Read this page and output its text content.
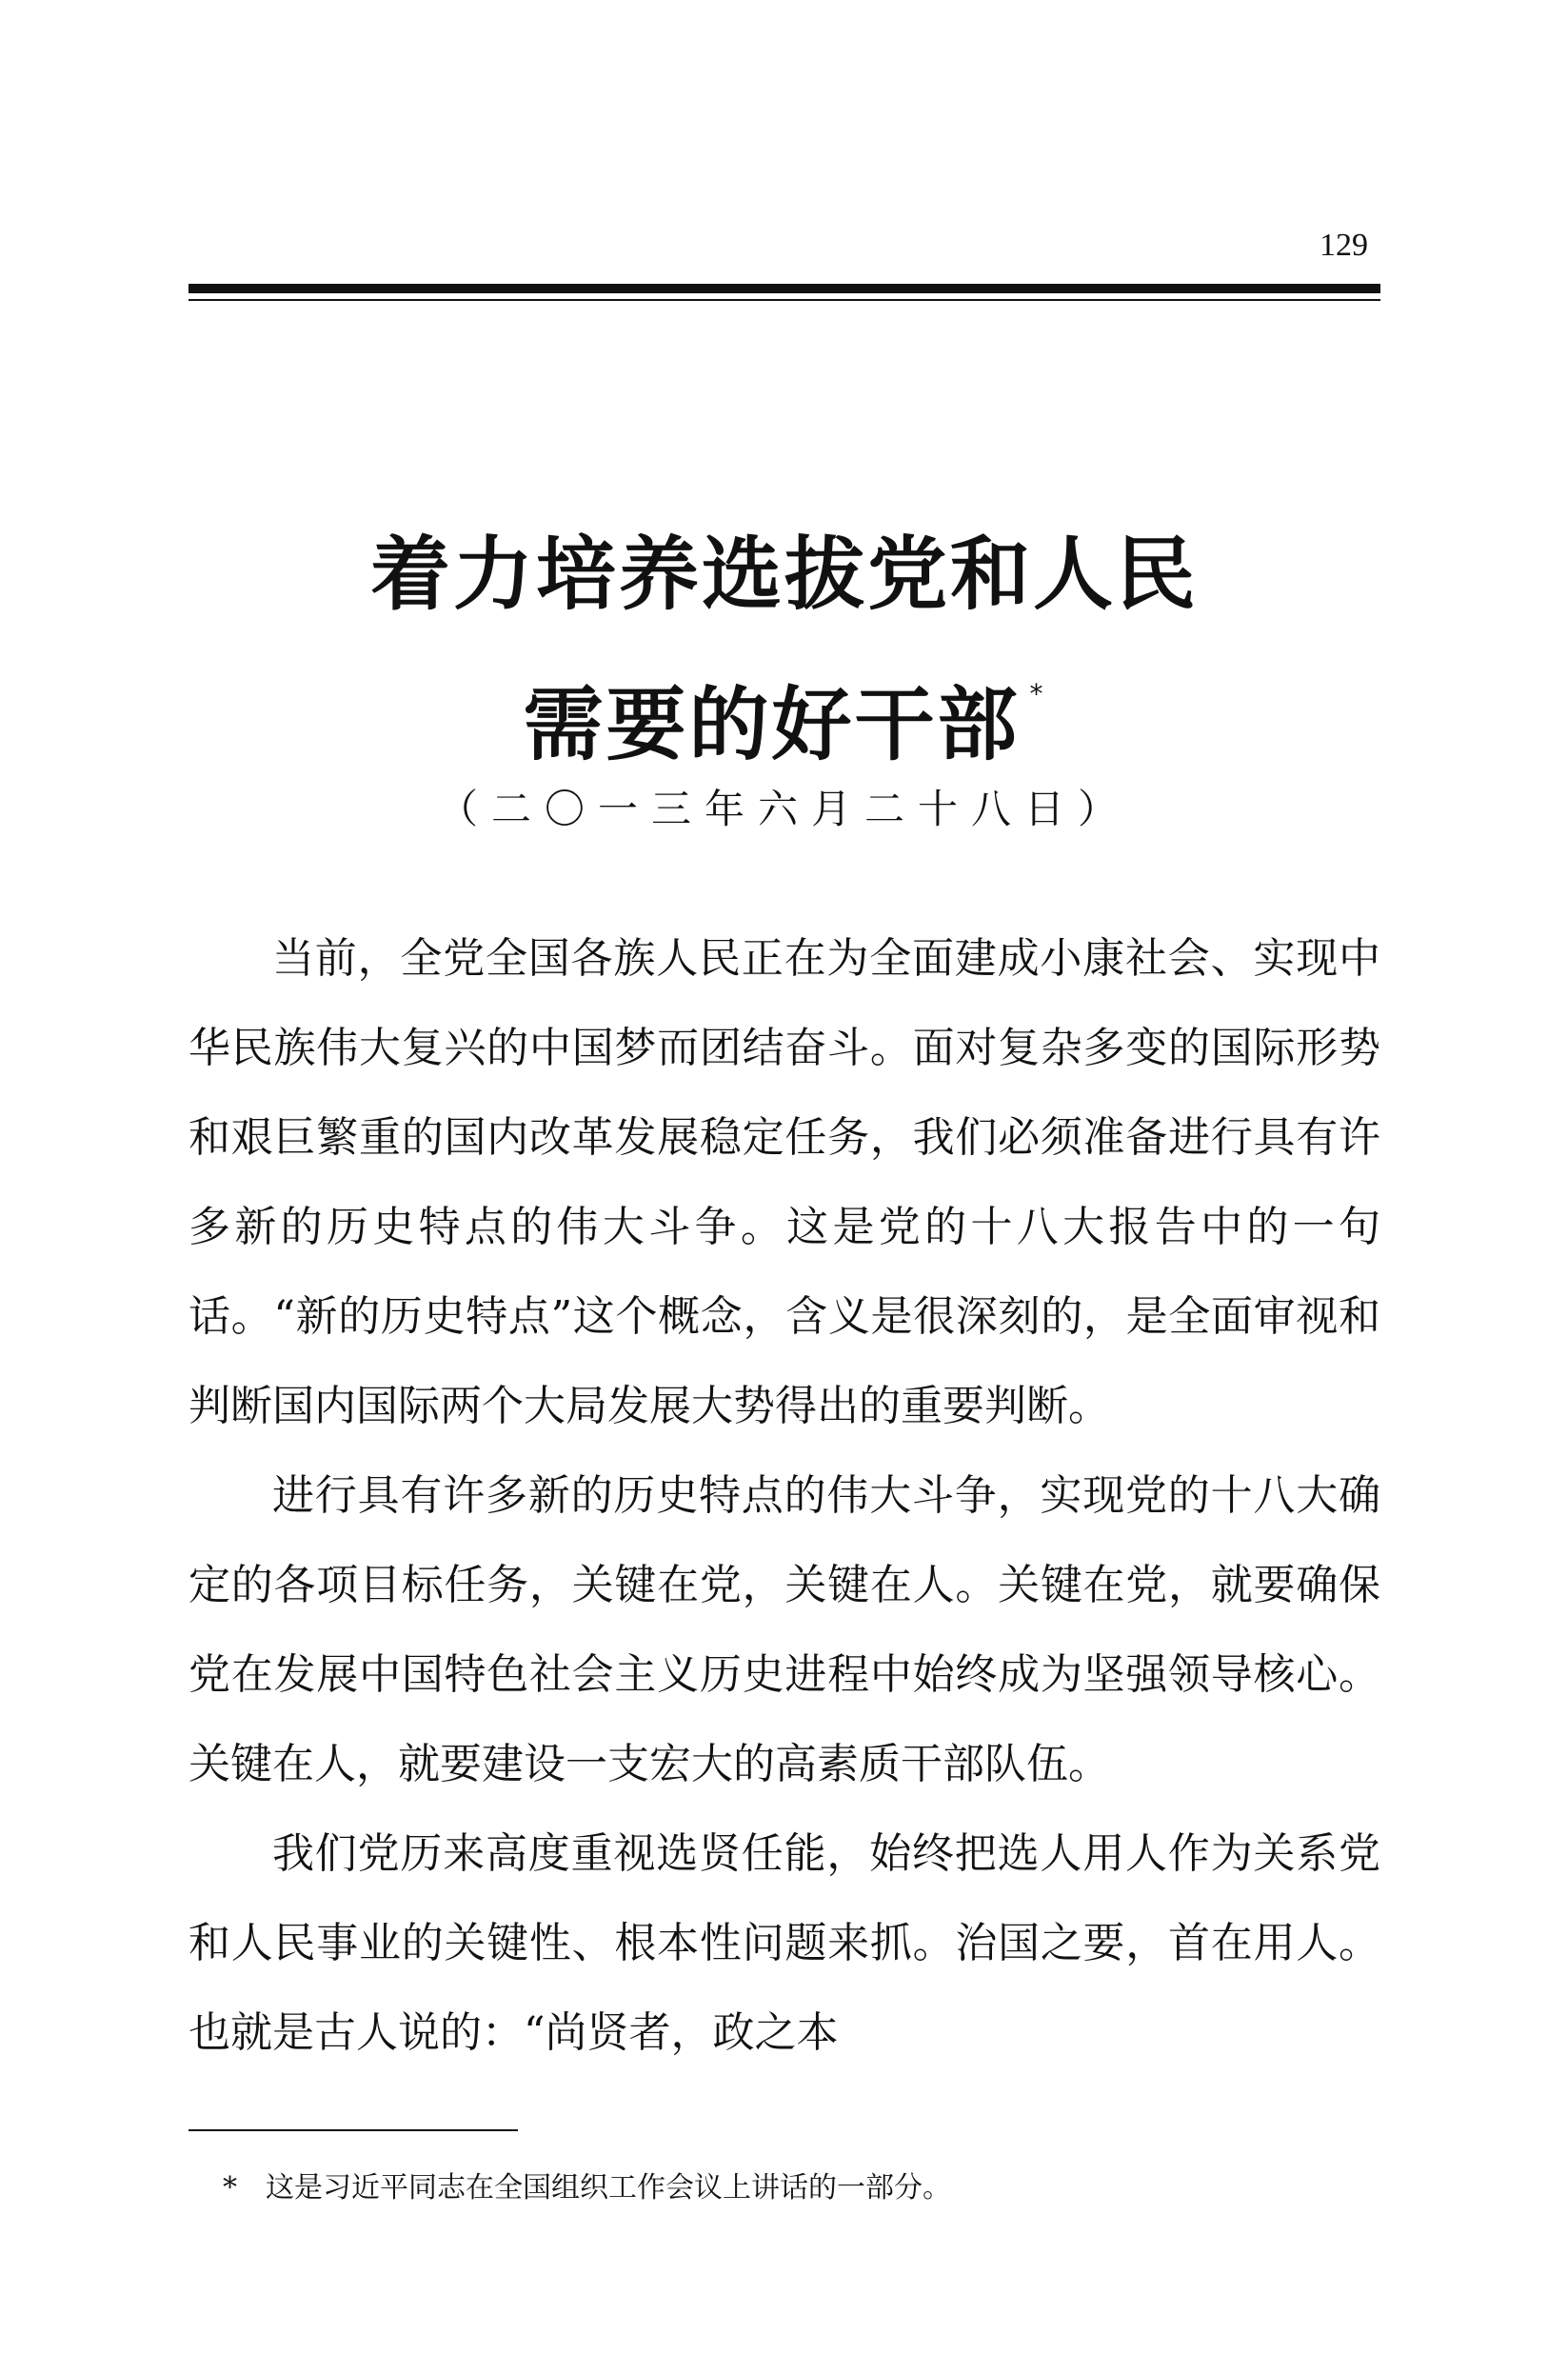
129
着力培养选拔党和人民
需要的好干部 *
（二〇一三年六月二十八日）

当前，全党全国各族人民正在为全面建成小康社会、实现中华民族伟大复兴的中国梦而团结奋斗。面对复杂多变的国际形势和艰巨繁重的国内改革发展稳定任务，我们必须准备进行具有许多新的历史特点的伟大斗争。这是党的十八大报告中的一句话。“新的历史特点”这个概念，含义是很深刻的，是全面审视和判断国内国际两个大局发展大势得出的重要判断。

进行具有许多新的历史特点的伟大斗争，实现党的十八大确定的各项目标任务，关键在党，关键在人。关键在党，就要确保党在发展中国特色社会主义历史进程中始终成为坚强领导核心。关键在人，就要建设一支宏大的高素质干部队伍。

我们党历来高度重视选贤任能，始终把选人用人作为关系党和人民事业的关键性、根本性问题来抓。治国之要，首在用人。也就是古人说的：“尚贤者，政之本

* 这是习近平同志在全国组织工作会议上讲话的一部分。
